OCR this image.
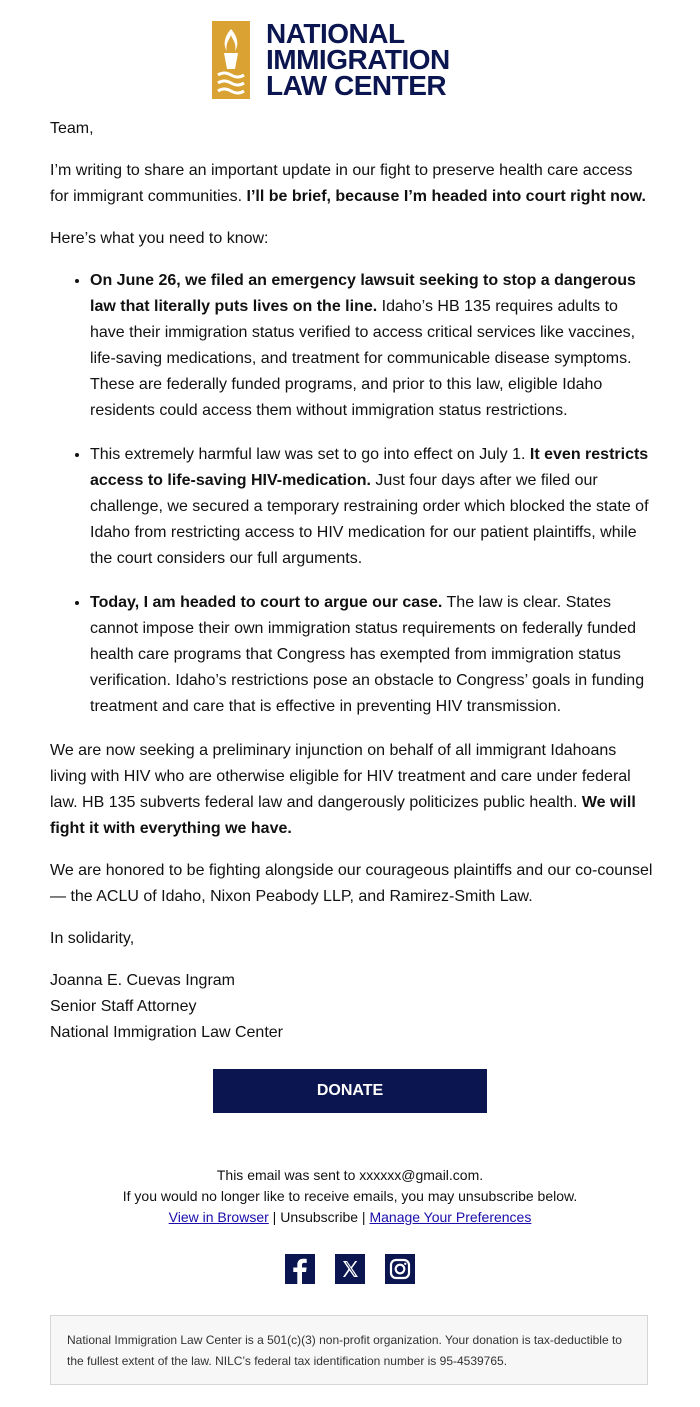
NATIONAL
IMMIGRATION
LAW CENTER

Team,

I’m writing to share an important update in our fight to preserve health care access for immigrant communities. I’ll be brief, because I’m headed into court right now.

Here’s what you need to know:

• On June 26, we filed an emergency lawsuit seeking to stop a dangerous law that literally puts lives on the line. Idaho’s HB 135 requires adults to have their immigration status verified to access critical services like vaccines, life-saving medications, and treatment for communicable disease symptoms. These are federally funded programs, and prior to this law, eligible Idaho residents could access them without immigration status restrictions.
• This extremely harmful law was set to go into effect on July 1. It even restricts access to life-saving HIV-medication. Just four days after we filed our challenge, we secured a temporary restraining order which blocked the state of Idaho from restricting access to HIV medication for our patient plaintiffs, while the court considers our full arguments.
• Today, I am headed to court to argue our case. The law is clear. States cannot impose their own immigration status requirements on federally funded health care programs that Congress has exempted from immigration status verification. Idaho’s restrictions pose an obstacle to Congress’ goals in funding treatment and care that is effective in preventing HIV transmission.

We are now seeking a preliminary injunction on behalf of all immigrant Idahoans living with HIV who are otherwise eligible for HIV treatment and care under federal law. HB 135 subverts federal law and dangerously politicizes public health. We will fight it with everything we have.

We are honored to be fighting alongside our courageous plaintiffs and our co-counsel — the ACLU of Idaho, Nixon Peabody LLP, and Ramirez-Smith Law.

In solidarity,

Joanna E. Cuevas Ingram
Senior Staff Attorney
National Immigration Law Center
DONATE
This email was sent to xxxxxx@gmail.com.
If you would no longer like to receive emails, you may unsubscribe below.
View in Browser | Unsubscribe | Manage Your Preferences
National Immigration Law Center is a 501(c)(3) non-profit organization. Your donation is tax-deductible to the fullest extent of the law. NILC’s federal tax identification number is 95-4539765.
